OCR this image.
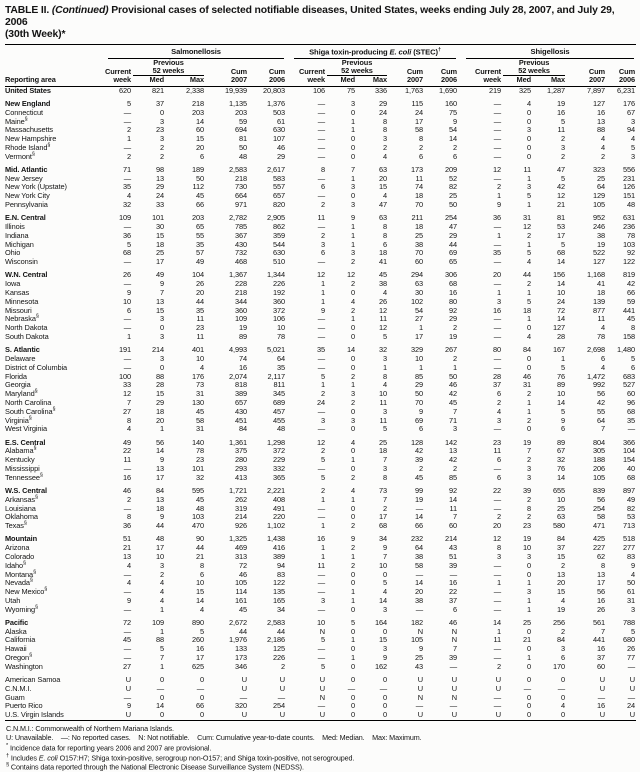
TABLE II. (Continued) Provisional cases of selected notifiable diseases, United States, weeks ending July 28, 2007, and July 29, 2006
(30th Week)*

	Salmonellosis					Shiga toxin-producing E. coli (STEC)†					Shigellosis				

		Previous					Previous					Previous			
	Current	52 weeks		Cum	Cum	Current	52 weeks		Cum	Cum	Current	52 weeks		Cum	Cum
Reporting area	week	Med	Max	2007	2006	week	Med	Max	2007	2006	week	Med	Max	2007	2006
United States	620	821	2,338	19,939	20,803	106	75	336	1,763	1,690	219	325	1,287	7,897	6,231

New England	5	37	218	1,135	1,376	—	3	29	115	160	—	4	19	127	176
Connecticut	—	0	203	203	503	—	0	24	24	75	—	0	16	16	67
Maine§	—	3	14	59	61	—	1	8	17	9	—	0	5	13	3
Massachusetts	2	23	60	694	630	—	1	8	58	54	—	3	11	88	94
New Hampshire	1	3	15	81	107	—	0	3	8	14	—	0	2	4	4
Rhode Island§	—	2	20	50	46	—	0	2	2	2	—	0	3	4	5
Vermont§	2	2	6	48	29	—	0	4	6	6	—	0	2	2	3

Mid. Atlantic	71	98	189	2,583	2,617	8	7	63	173	209	12	11	47	323	556
New Jersey	—	13	50	218	583	—	1	20	11	52	—	1	5	25	231
New York (Upstate)	35	29	112	730	557	6	3	15	74	82	2	3	42	64	126
New York City	4	24	45	664	657	—	0	4	18	25	1	5	12	129	151
Pennsylvania	32	33	66	971	820	2	3	47	70	50	9	1	21	105	48

E.N. Central	109	101	203	2,782	2,905	11	9	63	211	254	36	31	81	952	631
Illinois	—	30	65	785	862	—	1	8	18	47	—	12	53	246	236
Indiana	36	15	55	367	359	2	1	8	25	29	1	2	17	38	78
Michigan	5	18	35	430	544	3	1	6	38	44	—	1	5	19	103
Ohio	68	25	57	732	630	6	3	18	70	69	35	5	68	522	92
Wisconsin	—	17	49	468	510	—	2	41	60	65	—	4	14	127	122

W.N. Central	26	49	104	1,367	1,344	12	12	45	294	306	20	44	156	1,168	819
Iowa	—	9	26	228	226	1	2	38	63	68	—	2	14	41	42
Kansas	9	7	20	218	192	1	0	4	30	16	1	1	10	18	66
Minnesota	10	13	44	344	360	1	4	26	102	80	3	5	24	139	59
Missouri	6	15	35	360	372	9	2	12	54	92	16	18	72	877	441
Nebraska§	—	3	11	109	106	—	1	11	27	29	—	1	14	11	45
North Dakota	—	0	23	19	10	—	0	12	1	2	—	0	127	4	8
South Dakota	1	3	11	89	78	—	0	5	17	19	—	4	28	78	158

S. Atlantic	191	214	401	4,993	5,021	35	14	32	329	267	80	84	167	2,698	1,480
Delaware	—	3	10	74	64	—	0	3	10	2	—	0	1	6	5
District of Columbia	—	0	4	16	35	—	0	1	1	1	—	0	5	4	6
Florida	100	88	176	2,074	2,117	5	2	8	85	50	28	46	76	1,472	683
Georgia	33	28	73	818	811	1	1	4	29	46	37	31	89	992	527
Maryland§	12	15	31	389	345	2	3	10	50	42	6	2	10	56	60
North Carolina	7	29	130	657	689	24	2	11	70	45	2	1	14	42	96
South Carolina§	27	18	45	430	457	—	0	3	9	7	4	1	5	55	68
Virginia§	8	20	58	451	455	3	3	11	69	71	3	2	9	64	35
West Virginia	4	1	31	84	48	—	0	5	6	3	—	0	6	7	—

E.S. Central	49	56	140	1,361	1,298	12	4	25	128	142	23	19	89	804	366
Alabama§	22	14	78	375	372	2	0	18	42	13	11	7	67	305	104
Kentucky	11	9	23	280	229	5	1	7	39	42	6	2	32	188	154
Mississippi	—	13	101	293	332	—	0	3	2	2	—	3	76	206	40
Tennessee§	16	17	32	413	365	5	2	8	45	85	6	3	14	105	68

W.S. Central	46	84	595	1,721	2,221	2	4	73	99	92	22	39	655	839	897
Arkansas§	2	13	45	262	408	1	1	7	19	14	—	2	10	56	49
Louisiana	—	18	48	319	491	—	0	2	—	11	—	8	25	254	82
Oklahoma	8	9	103	214	220	—	0	17	14	7	2	2	63	58	53
Texas§	36	44	470	926	1,102	1	2	68	66	60	20	23	580	471	713

Mountain	51	48	90	1,325	1,438	16	9	34	232	214	12	19	84	425	518
Arizona	21	17	44	469	416	1	2	9	64	43	8	10	37	227	277
Colorado	13	10	21	313	389	1	1	7	38	51	3	3	15	62	83
Idaho§	4	3	8	72	94	11	2	10	58	39	—	0	2	8	9
Montana§	—	2	6	46	83	—	0	0	—	—	—	0	13	13	4
Nevada§	4	4	10	105	122	—	0	5	14	16	1	1	20	17	50
New Mexico§	—	4	15	114	135	—	1	4	20	22	—	3	15	56	61
Utah	9	4	14	161	165	3	1	14	38	37	—	1	4	16	31
Wyoming§	—	1	4	45	34	—	0	3	—	6	—	1	19	26	3

Pacific	72	109	890	2,672	2,583	10	5	164	182	46	14	25	256	561	788
Alaska	—	1	5	44	44	N	0	0	N	N	1	0	2	7	5
California	45	88	260	1,976	2,186	5	1	15	105	N	11	21	84	441	680
Hawaii	—	5	16	133	125	—	0	3	9	7	—	0	3	16	26
Oregon§	—	7	17	173	226	—	1	9	25	39	—	1	6	37	77
Washington	27	1	625	346	2	5	0	162	43	—	2	0	170	60	—

American Samoa	U	0	0	U	U	U	0	0	U	U	U	0	0	U	U
C.N.M.I.	U	—	—	U	U	U	—	—	U	U	U	—	—	U	U
Guam	—	0	0	—	—	N	0	0	N	N	—	0	0	—	—
Puerto Rico	9	14	66	320	254	—	0	0	—	—	—	0	4	16	24
U.S. Virgin Islands	U	0	0	U	U	U	0	0	U	U	U	0	0	U	U
C.N.M.I.: Commonwealth of Northern Mariana Islands.
U: Unavailable.    —: No reported cases.    N: Not notifiable.    Cum: Cumulative year-to-date counts.    Med: Median.    Max: Maximum.
* Incidence data for reporting years 2006 and 2007 are provisional.
† Includes E. coli O157:H7; Shiga toxin-positive, serogroup non-O157; and Shiga toxin-positive, not serogrouped.
§ Contains data reported through the National Electronic Disease Surveillance System (NEDSS).
